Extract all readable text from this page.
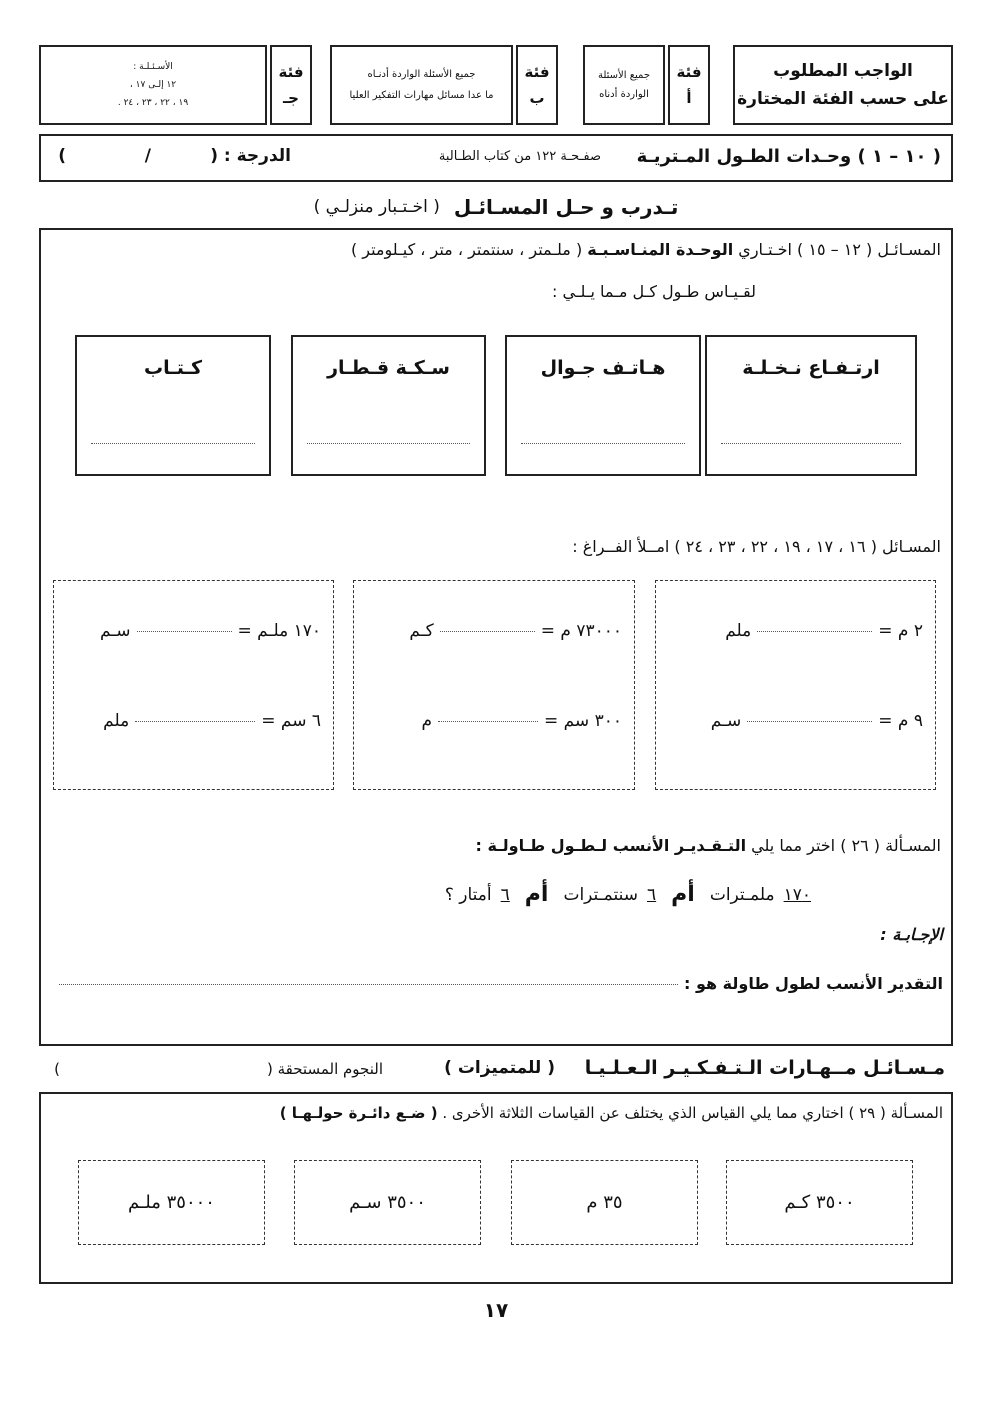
الواجب المطلوب
على حسب الفئة المختارة
فئة
أ
جميع الأسئلة
الواردة أدناه
فئة
ب
جميع الأسئلة الواردة أدنـاه
ما عدا مسائل مهارات التفكير العليا
فئة
جـ
الأسـئـلـة :
١٢ إلـى ١٧ ،
١٩ ، ٢٢ ، ٢٣ ، ٢٤ .
( ١٠ – ١ ) وحـدات الطـول المـتريـة
صفـحـة ١٢٢ من كتاب الطـالبة
الدرجة : (
/
)
تـدرب و حـل المسـائـل
( اخـتـبار منزلـي )
المسـائـل ( ١٢ – ١٥ ) اخـتـاري الوحـدة المنـاسـبـة ( ملـمتر ، سنتمتر ، متر ، كيـلومتر )
لقـيـاس طـول كـل مـما يـلـي :
ارتـفـاع نـخـلـة
هـاتـف جـوال
سـكـة قـطـار
كـتـاب
المسـائل ( ١٦ ، ١٧ ، ١٩ ، ٢٢ ، ٢٣ ، ٢٤ ) امــلأ الفــراغ :
٢ م =
ملم
٩ م =
سـم
٧٣٠٠٠ م =
كـم
٣٠٠ سم =
م
١٧٠ ملـم =
سـم
٦ سم =
ملم
المسـألة ( ٢٦ ) اختر مما يلي التـقـديـر الأنسب لـطـول طـاولـة :
١٧٠
ملمـترات
أم
٦
سنتمـترات
أم
٦
أمتار ؟
الإجـابـة :
التقدير الأنسب لطول طاولة هو :
مـسـائـل مــهـارات الـتـفـكـيـر الـعـلـيـا
( للمتميزات )
النجوم المستحقة (
)
المسـألة ( ٢٩ ) اختاري مما يلي القياس الذي يختلف عن القياسات الثلاثة الأخرى . ( ضـع دائـرة حولـهـا )
٣٥٠٠ كـم
٣٥ م
٣٥٠٠ سـم
٣٥٠٠٠ ملـم
١٧
